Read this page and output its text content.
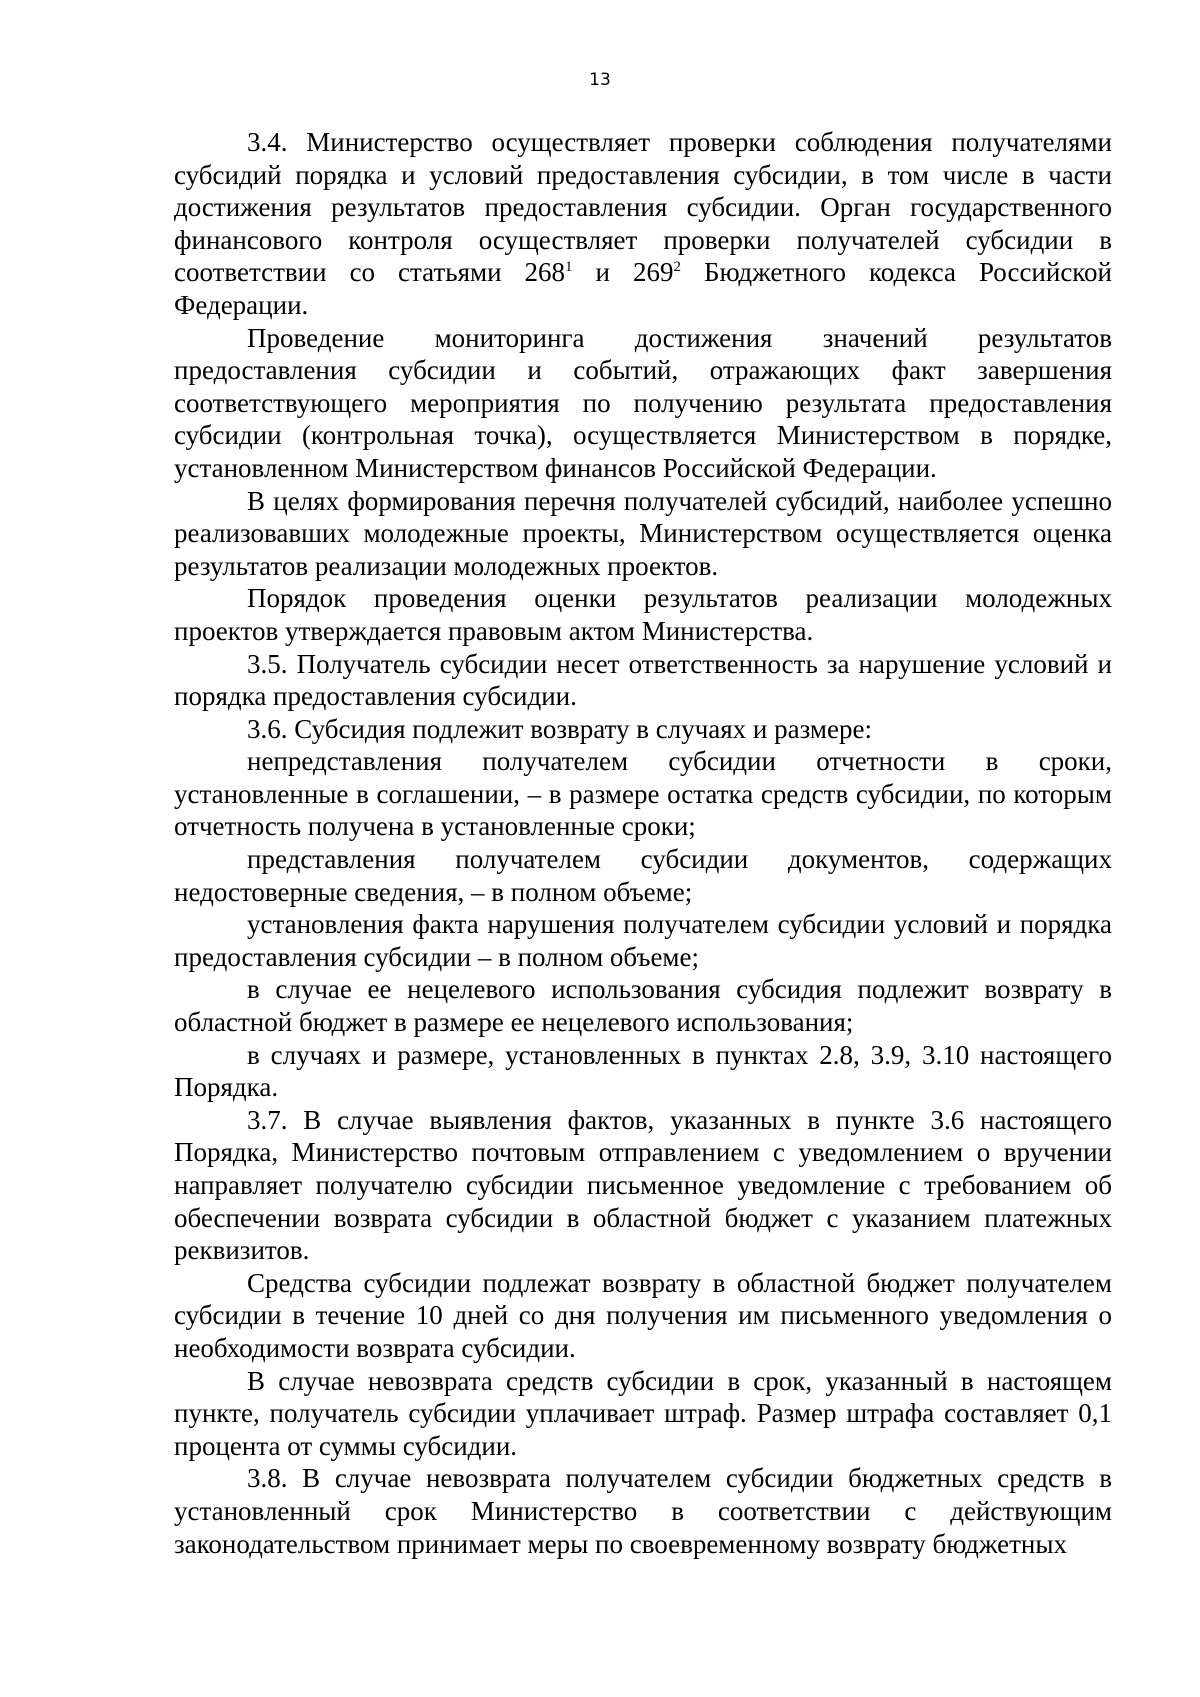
13

3.4. Министерство осуществляет проверки соблюдения получателями субсидий порядка и условий предоставления субсидии, в том числе в части достижения результатов предоставления субсидии. Орган государственного финансового контроля осуществляет проверки получателей субсидии в соответствии со статьями $268^1$ и $269^2$ Бюджетного кодекса Российской Федерации.

Проведение мониторинга достижения значений результатов предоставления субсидии и событий, отражающих факт завершения соответствующего мероприятия по получению результата предоставления субсидии (контрольная точка), осуществляется Министерством в порядке, установленном Министерством финансов Российской Федерации.

В целях формирования перечня получателей субсидий, наиболее успешно реализовавших молодежные проекты, Министерством осуществляется оценка результатов реализации молодежных проектов.

Порядок проведения оценки результатов реализации молодежных проектов утверждается правовым актом Министерства.

3.5. Получатель субсидии несет ответственность за нарушение условий и порядка предоставления субсидии.

3.6. Субсидия подлежит возврату в случаях и размере:

непредставления получателем субсидии отчетности в сроки, установленные в соглашении, – в размере остатка средств субсидии, по которым отчетность получена в установленные сроки;

представления получателем субсидии документов, содержащих недостоверные сведения, – в полном объеме;

установления факта нарушения получателем субсидии условий и порядка предоставления субсидии – в полном объеме;

в случае ее нецелевого использования субсидия подлежит возврату в областной бюджет в размере ее нецелевого использования;

в случаях и размере, установленных в пунктах 2.8, 3.9, 3.10 настоящего Порядка.

3.7. В случае выявления фактов, указанных в пункте 3.6 настоящего Порядка, Министерство почтовым отправлением с уведомлением о вручении направляет получателю субсидии письменное уведомление с требованием об обеспечении возврата субсидии в областной бюджет с указанием платежных реквизитов.

Средства субсидии подлежат возврату в областной бюджет получателем субсидии в течение 10 дней со дня получения им письменного уведомления о необходимости возврата субсидии.

В случае невозврата средств субсидии в срок, указанный в настоящем пункте, получатель субсидии уплачивает штраф. Размер штрафа составляет 0,1 процента от суммы субсидии.

3.8. В случае невозврата получателем субсидии бюджетных средств в установленный срок Министерство в соответствии с действующим законодательством принимает меры по своевременному возврату бюджетных
